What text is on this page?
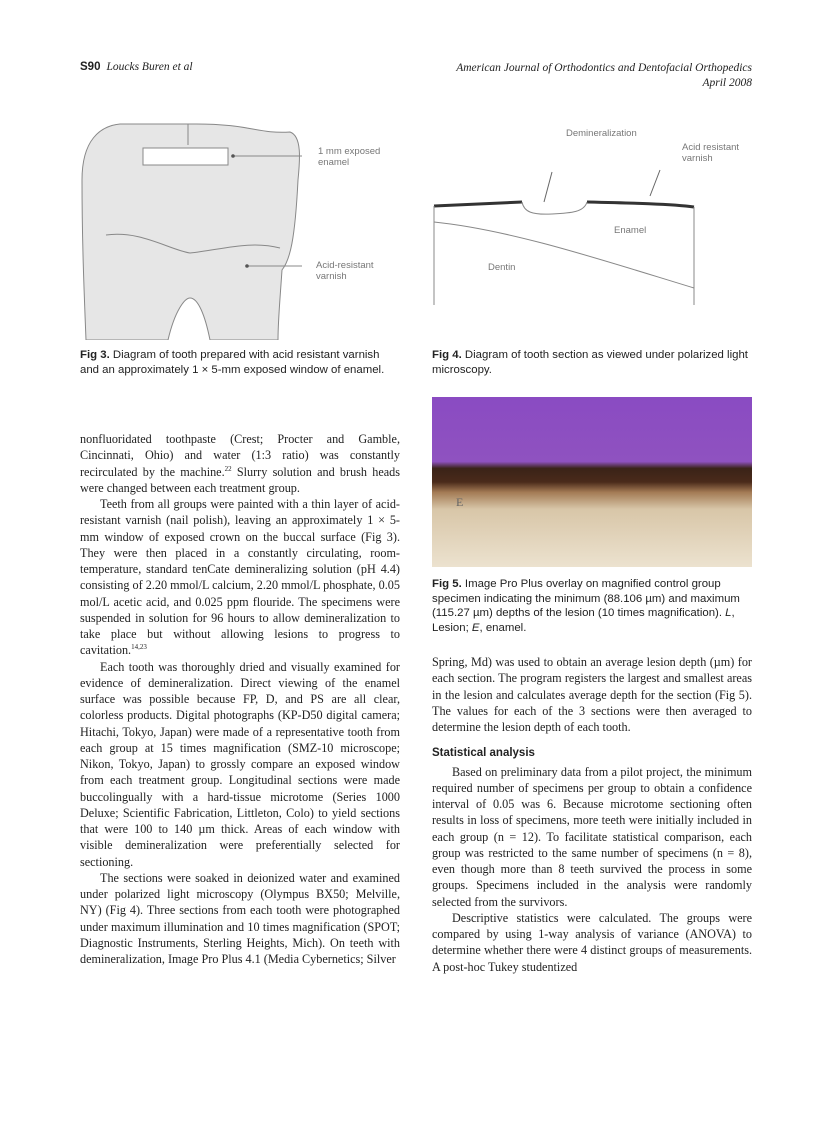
S90 Loucks Buren et al	American Journal of Orthodontics and Dentofacial Orthopedics
April 2008
1 mm exposed enamel
Acid-resistant varnish
Fig 3. Diagram of tooth prepared with acid resistant varnish and an approximately 1 × 5-mm exposed window of enamel.
Demineralization
Acid resistant varnish
Enamel
Dentin
Fig 4. Diagram of tooth section as viewed under polarized light microscopy.
E
Fig 5. Image Pro Plus overlay on magnified control group specimen indicating the minimum (88.106 µm) and maximum (115.27 µm) depths of the lesion (10 times magnification). L, Lesion; E, enamel.

nonfluoridated toothpaste (Crest; Procter and Gamble, Cincinnati, Ohio) and water (1:3 ratio) was constantly recirculated by the machine.$^{22}$ Slurry solution and brush heads were changed between each treatment group.

Teeth from all groups were painted with a thin layer of acid-resistant varnish (nail polish), leaving an approximately 1 × 5-mm window of exposed crown on the buccal surface (Fig 3). They were then placed in a constantly circulating, room-temperature, standard tenCate demineralizing solution (pH 4.4) consisting of 2.20 mmol/L calcium, 2.20 mmol/L phosphate, 0.05 mol/L acetic acid, and 0.025 ppm flouride. The specimens were suspended in solution for 96 hours to allow demineralization to take place but without allowing lesions to progress to cavitation.$^{14,23}$

Each tooth was thoroughly dried and visually examined for evidence of demineralization. Direct viewing of the enamel surface was possible because FP, D, and PS are all clear, colorless products. Digital photographs (KP-D50 digital camera; Hitachi, Tokyo, Japan) were made of a representative tooth from each group at 15 times magnification (SMZ-10 microscope; Nikon, Tokyo, Japan) to grossly compare an exposed window from each treatment group. Longitudinal sections were made buccolingually with a hard-tissue microtome (Series 1000 Deluxe; Scientific Fabrication, Littleton, Colo) to yield sections that were 100 to 140 µm thick. Areas of each window with visible demineralization were preferentially selected for sectioning.

The sections were soaked in deionized water and examined under polarized light microscopy (Olympus BX50; Melville, NY) (Fig 4). Three sections from each tooth were photographed under maximum illumination and 10 times magnification (SPOT; Diagnostic Instruments, Sterling Heights, Mich). On teeth with demineralization, Image Pro Plus 4.1 (Media Cybernetics; Silver

Spring, Md) was used to obtain an average lesion depth (µm) for each section. The program registers the largest and smallest areas in the lesion and calculates average depth for the section (Fig 5). The values for each of the 3 sections were then averaged to determine the lesion depth of each tooth.

Statistical analysis

Based on preliminary data from a pilot project, the minimum required number of specimens per group to obtain a confidence interval of 0.05 was 6. Because microtome sectioning often results in loss of specimens, more teeth were initially included in each group (n = 12). To facilitate statistical comparison, each group was restricted to the same number of specimens (n = 8), even though more than 8 teeth survived the process in some groups. Specimens included in the analysis were randomly selected from the survivors.

Descriptive statistics were calculated. The groups were compared by using 1-way analysis of variance (ANOVA) to determine whether there were 4 distinct groups of measurements. A post-hoc Tukey studentized
